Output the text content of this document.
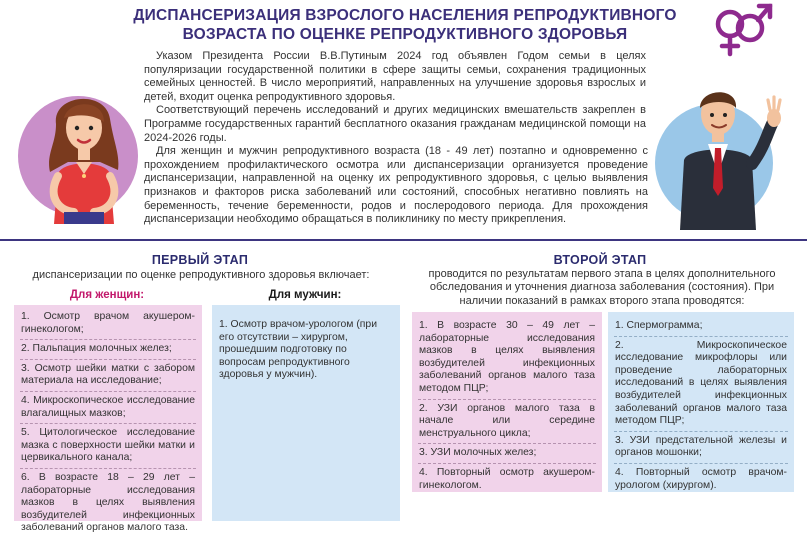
ДИСПАНСЕРИЗАЦИЯ ВЗРОСЛОГО НАСЕЛЕНИЯ РЕПРОДУКТИВНОГО
ВОЗРАСТА ПО ОЦЕНКЕ РЕПРОДУКТИВНОГО ЗДОРОВЬЯ

Указом Президента России В.В.Путиным 2024 год объявлен Годом семьи в целях популяризации государственной политики в сфере защиты семьи, сохранения традиционных семейных ценностей. В число мероприятий, направленных на улучшение здоровья взрослых и детей, входит оценка репродуктивного здоровья.

Соответствующий перечень исследований и других медицинских вмешательств закреплен в Программе государственных гарантий бесплатного оказания гражданам медицинской помощи на 2024-2026 годы.

Для женщин и мужчин репродуктивного возраста (18 - 49 лет) поэтапно и одновременно с прохождением профилактического осмотра или диспансеризации организуется проведение диспансеризации, направленной на оценку их репродуктивного здоровья, с целью выявления признаков и факторов риска заболеваний или состояний, способных негативно повлиять на беременность, течение беременности, родов и послеродового периода. Для прохождения диспансеризации необходимо обращаться в поликлинику по месту прикрепления.

ПЕРВЫЙ ЭТАП
диспансеризации по оценке репродуктивного здоровья включает:
Для женщин:	Для мужчин:
1. Осмотр врачом акушером-гинекологом;
2. Пальпация молочных желез;
3. Осмотр шейки матки с забором материала на исследование;
4. Микроскопическое исследование влагалищных мазков;
5. Цитологическое исследование мазка с поверхности шейки матки и цервикального канала;
6. В возрасте 18 – 29 лет – лабораторные исследования мазков в целях выявления возбудителей инфекционных заболеваний органов малого таза.
1. Осмотр врачом-урологом (при его отсутствии – хирургом, прошедшим подготовку по вопросам репродуктивного здоровья у мужчин).
ВТОРОЙ ЭТАП
проводится по результатам первого этапа в целях дополнительного обследования и уточнения диагноза заболевания (состояния). При наличии показаний в рамках второго этапа проводятся:
1. В возрасте 30 – 49 лет – лабораторные исследования мазков в целях выявления возбудителей инфекционных заболеваний органов малого таза методом ПЦР;
2. УЗИ органов малого таза в начале или середине менструального цикла;
3. УЗИ молочных желез;
4. Повторный осмотр акушером-гинекологом.
1. Спермограмма;
2. Микроскопическое исследование микрофлоры или проведение лабораторных исследований в целях выявления возбудителей инфекционных заболеваний органов малого таза методом ПЦР;
3. УЗИ предстательной железы и органов мошонки;
4. Повторный осмотр врачом-урологом (хирургом).
